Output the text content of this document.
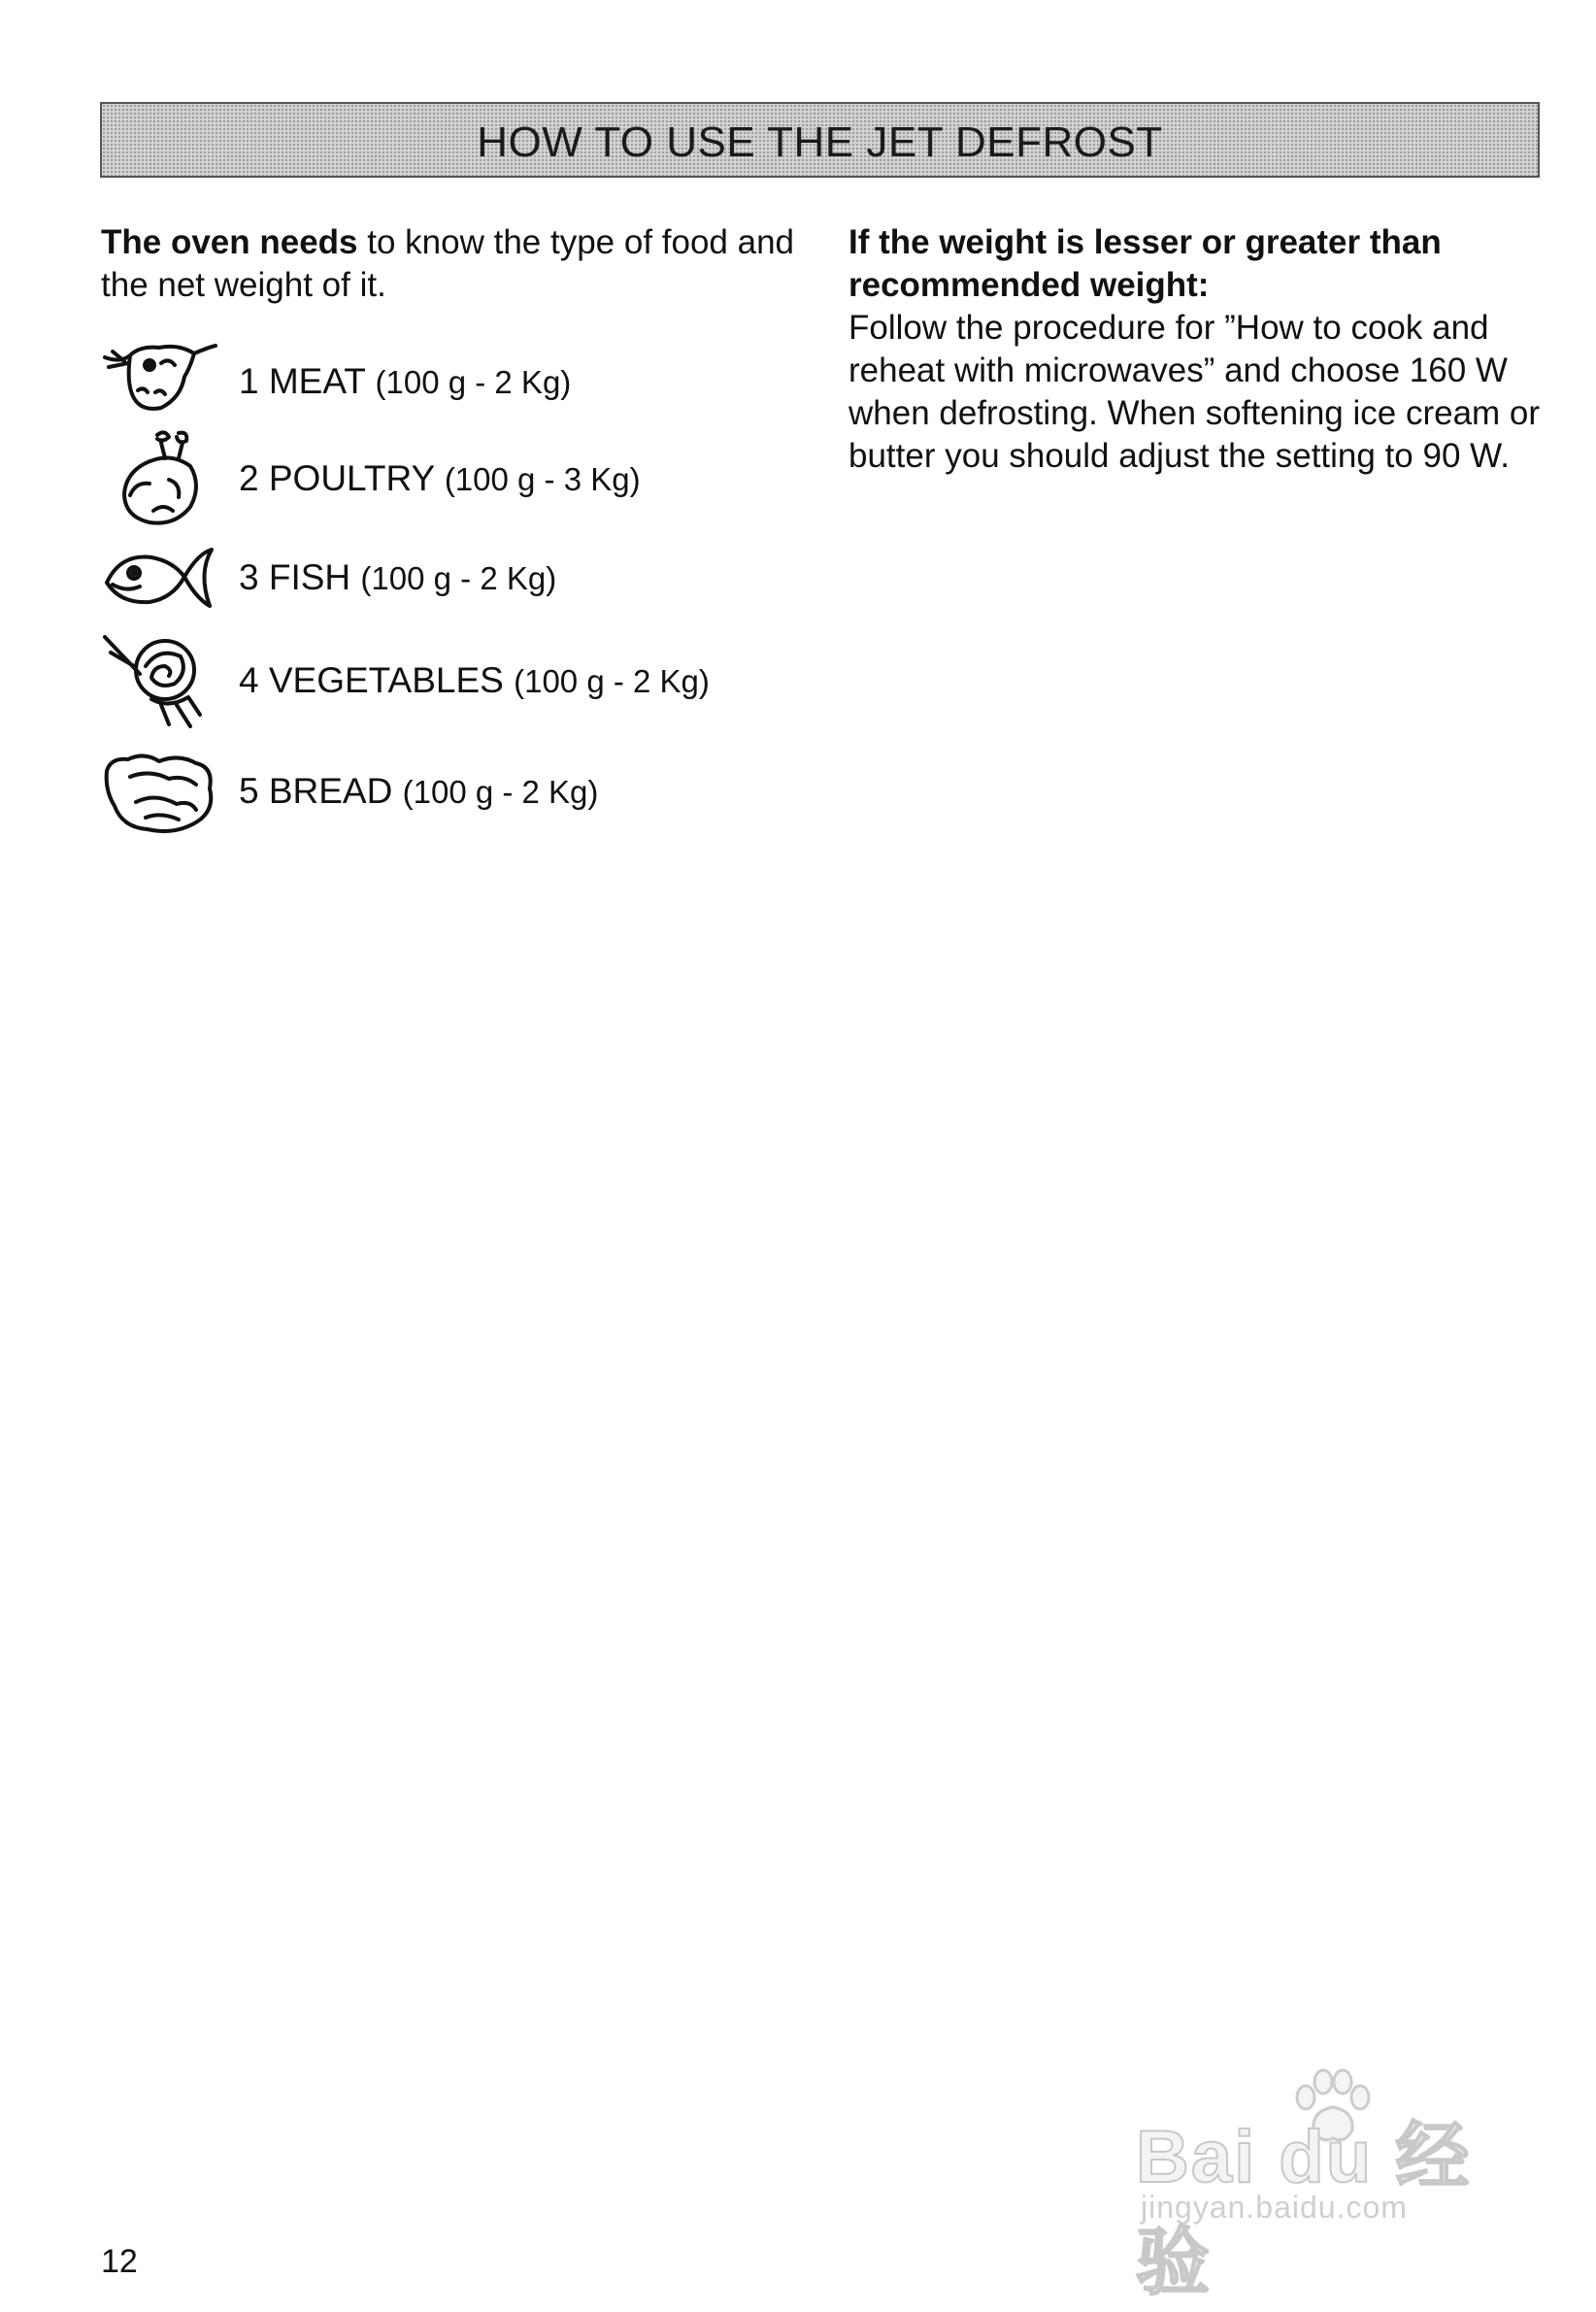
HOW TO USE THE JET DEFROST

The oven needs to know the type of food and the net weight of it.

1 MEAT (100 g - 2 Kg)
2 POULTRY (100 g - 3 Kg)
3 FISH (100 g - 2 Kg)
4 VEGETABLES (100 g - 2 Kg)
5 BREAD (100 g - 2 Kg)

If the weight is lesser or greater than recommended weight:

Follow the procedure for ”How to cook and reheat with microwaves” and choose 160 W when defrosting. When softening ice cream or butter you should adjust the setting to 90 W.

12
Bai du 经验
jingyan.baidu.com
